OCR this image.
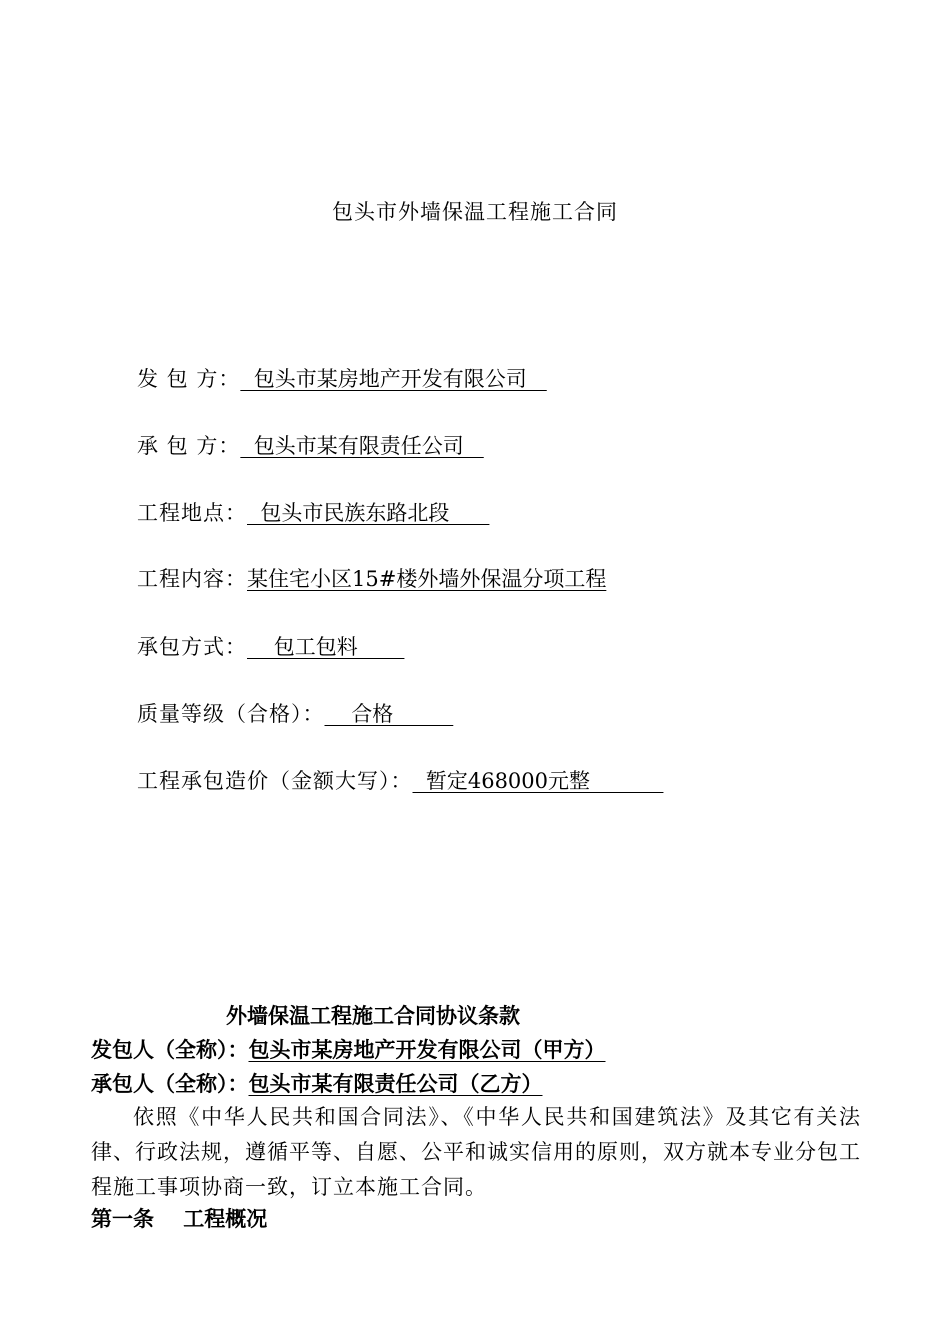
包头市外墙保温工程施工合同
发 包 方：  包头市某房地产开发有限公司
承 包 方：  包头市某有限责任公司
工程地点：  包头市民族东路北段
工程内容：某住宅小区15#楼外墙外保温分项工程
承包方式：    包工包料
质量等级（合格）：    合格
工程承包造价（金额大写）：  暂定468000元整
外墙保温工程施工合同协议条款
发包人（全称）：包头市某房地产开发有限公司（甲方）
承包人（全称）：包头市某有限责任公司（乙方）
依照《中华人民共和国合同法》、《中华人民共和国建筑法》及其它有关法律、行政法规，遵循平等、自愿、公平和诚实信用的原则，双方就本专业分包工程施工事项协商一致，订立本施工合同。
第一条    工程概况
